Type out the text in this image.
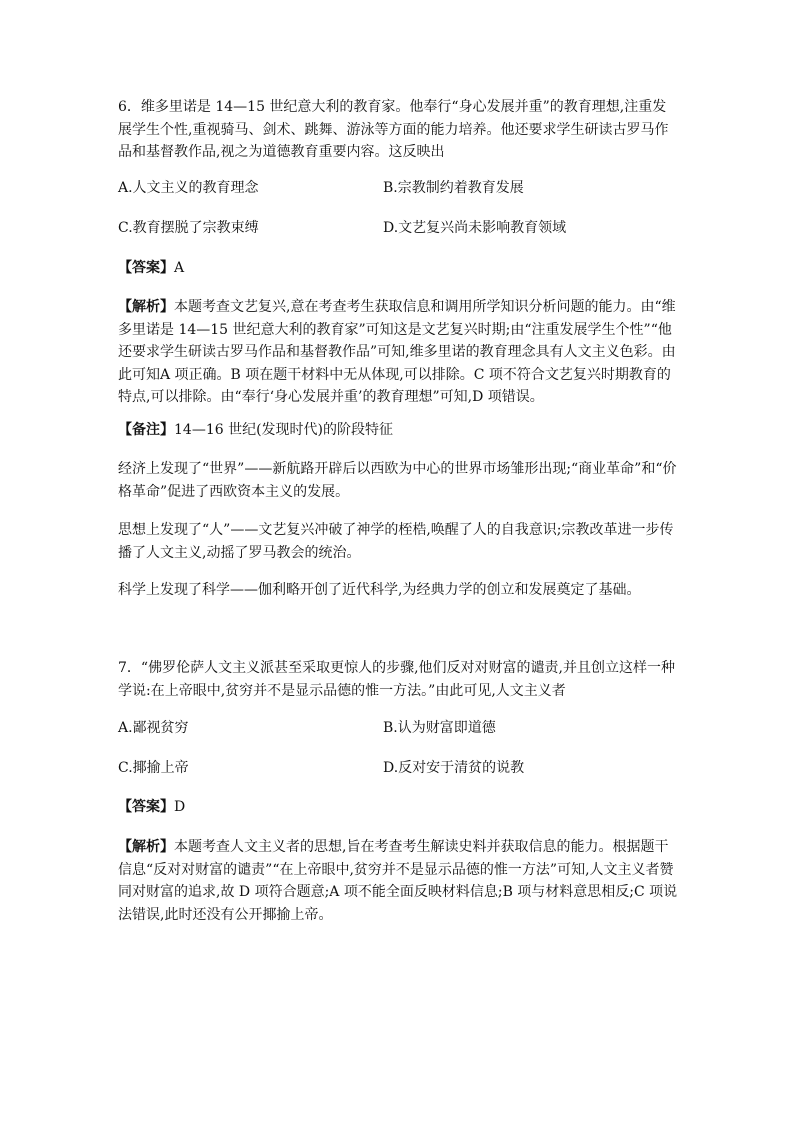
6．维多里诺是 14—15 世纪意大利的教育家。他奉行“身心发展并重”的教育理想,注重发展学生个性,重视骑马、剑术、跳舞、游泳等方面的能力培养。他还要求学生研读古罗马作品和基督教作品,视之为道德教育重要内容。这反映出

A.人文主义的教育理念	B.宗教制约着教育发展
C.教育摆脱了宗教束缚	D.文艺复兴尚未影响教育领域

【答案】A

【解析】本题考查文艺复兴,意在考查考生获取信息和调用所学知识分析问题的能力。由“维多里诺是 14—15 世纪意大利的教育家”可知这是文艺复兴时期;由“注重发展学生个性”“他还要求学生研读古罗马作品和基督教作品”可知,维多里诺的教育理念具有人文主义色彩。由此可知A 项正确。B 项在题干材料中无从体现,可以排除。C 项不符合文艺复兴时期教育的特点,可以排除。由“奉行‘身心发展并重’的教育理想”可知,D 项错误。

【备注】14—16 世纪(发现时代)的阶段特征

经济上发现了“世界”——新航路开辟后以西欧为中心的世界市场雏形出现;“商业革命”和“价格革命”促进了西欧资本主义的发展。

思想上发现了“人”——文艺复兴冲破了神学的桎梏,唤醒了人的自我意识;宗教改革进一步传播了人文主义,动摇了罗马教会的统治。

科学上发现了科学——伽利略开创了近代科学,为经典力学的创立和发展奠定了基础。

7．“佛罗伦萨人文主义派甚至采取更惊人的步骤,他们反对对财富的谴责,并且创立这样一种学说:在上帝眼中,贫穷并不是显示品德的惟一方法。”由此可见,人文主义者

A.鄙视贫穷	B.认为财富即道德
C.揶揄上帝	D.反对安于清贫的说教

【答案】D

【解析】本题考查人文主义者的思想,旨在考查考生解读史料并获取信息的能力。根据题干信息“反对对财富的谴责”“在上帝眼中,贫穷并不是显示品德的惟一方法”可知,人文主义者赞同对财富的追求,故 D 项符合题意;A 项不能全面反映材料信息;B 项与材料意思相反;C 项说法错误,此时还没有公开揶揄上帝。
